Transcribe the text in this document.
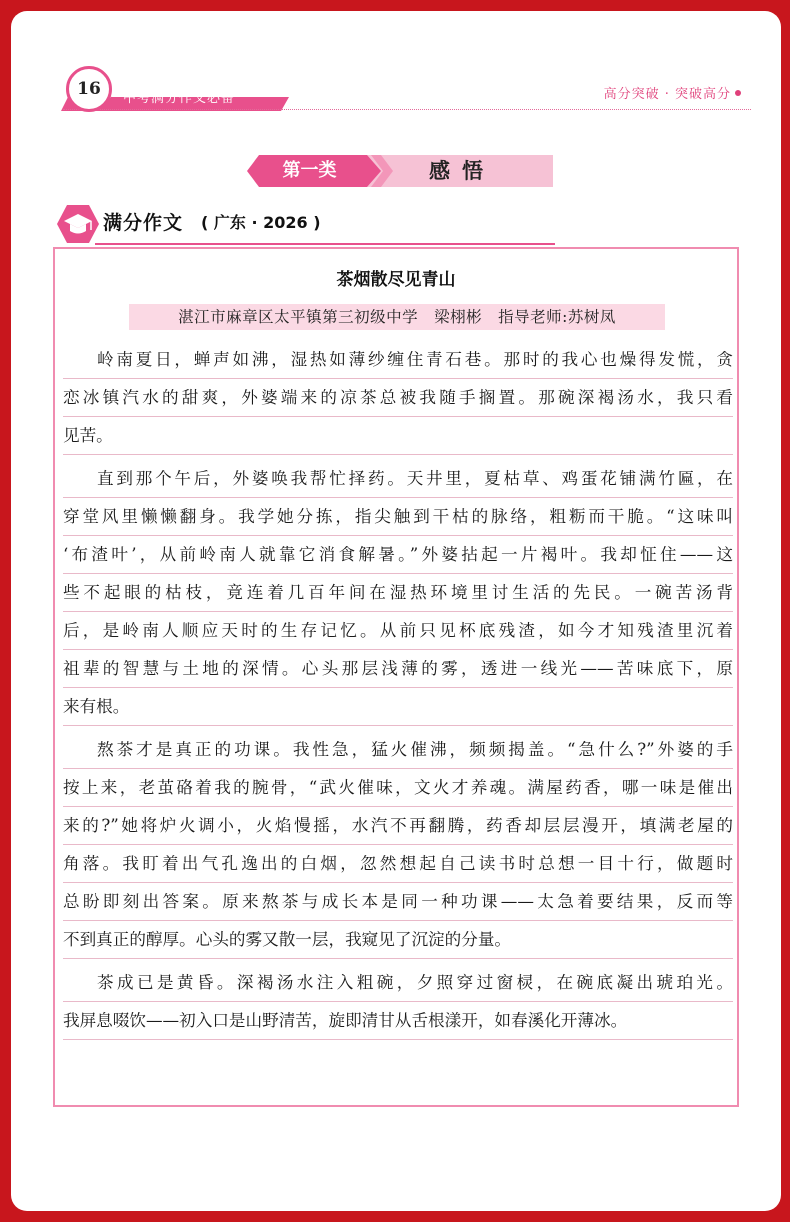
16	中考满分作文必备	高分突破 · 突破高分
第一类	感悟
满分作文 ( 广东 · 2026 )
茶烟散尽见青山
湛江市麻章区太平镇第三初级中学　梁栩彬　指导老师:苏树凤
岭南夏日，蝉声如沸，湿热如薄纱缠住青石巷。那时的我心也燥得发慌，贪
恋冰镇汽水的甜爽，外婆端来的凉茶总被我随手搁置。那碗深褐汤水，我只看
见苦。
直到那个午后，外婆唤我帮忙择药。天井里，夏枯草、鸡蛋花铺满竹匾，在
穿堂风里懒懒翻身。我学她分拣，指尖触到干枯的脉络，粗粝而干脆。“这味叫
‘布渣叶’，从前岭南人就靠它消食解暑。”外婆拈起一片褐叶。我却怔住——这
些不起眼的枯枝，竟连着几百年间在湿热环境里讨生活的先民。一碗苦汤背
后，是岭南人顺应天时的生存记忆。从前只见杯底残渣，如今才知残渣里沉着
祖辈的智慧与土地的深情。心头那层浅薄的雾，透进一线光——苦味底下，原
来有根。
熬茶才是真正的功课。我性急，猛火催沸，频频揭盖。“急什么?”外婆的手
按上来，老茧硌着我的腕骨，“武火催味，文火才养魂。满屋药香，哪一味是催出
来的?”她将炉火调小，火焰慢摇，水汽不再翻腾，药香却层层漫开，填满老屋的
角落。我盯着出气孔逸出的白烟，忽然想起自己读书时总想一目十行，做题时
总盼即刻出答案。原来熬茶与成长本是同一种功课——太急着要结果，反而等
不到真正的醇厚。心头的雾又散一层，我窥见了沉淀的分量。
茶成已是黄昏。深褐汤水注入粗碗，夕照穿过窗棂，在碗底凝出琥珀光。
我屏息啜饮——初入口是山野清苦，旋即清甘从舌根漾开，如春溪化开薄冰。
